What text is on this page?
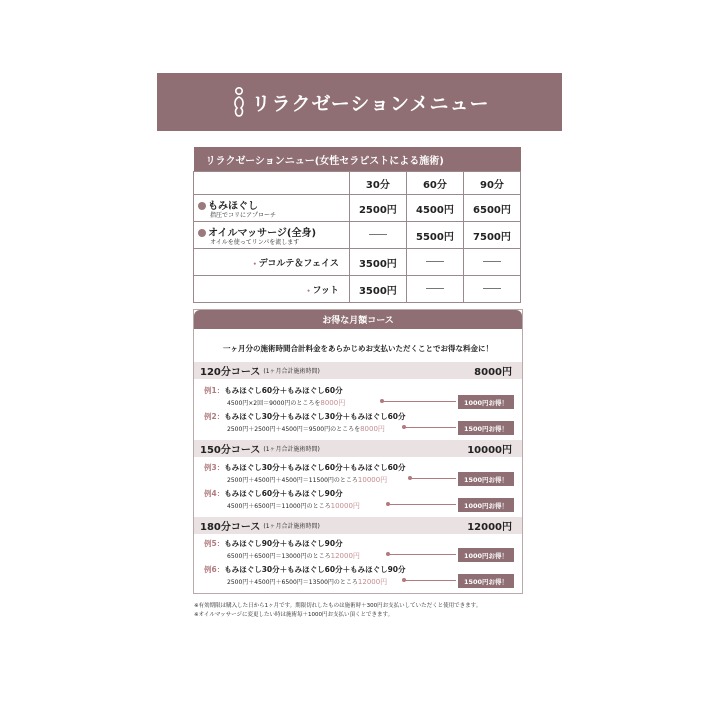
リラクゼーションメニュー
リラクゼーションニュー(女性セラピストによる施術)			
	30分	60分	90分
もみほぐし
指圧でコリにアプローチ	2500円	4500円	6500円
オイルマッサージ(全身)
オイルを使ってリンパを流します		5500円	7500円
• デコルテ＆フェイス	3500円		
• フット	3500円		
お得な月額コース
一ヶ月分の施術時間合計料金をあらかじめお支払いただくことでお得な料金に！
120分コース (1ヶ月合計施術時間)	8000円
例1：もみほぐし60分＋もみほぐし60分
4500円×2回＝9000円のところを8000円	1000円お得！
例2：もみほぐし30分＋もみほぐし30分＋もみほぐし60分
2500円＋2500円＋4500円＝9500円のところを8000円	1500円お得！
150分コース (1ヶ月合計施術時間)	10000円
例3：もみほぐし30分＋もみほぐし60分＋もみほぐし60分
2500円＋4500円＋4500円＝11500円のところ10000円	1500円お得！
例4：もみほぐし60分＋もみほぐし90分
4500円＋6500円＝11000円のところ10000円	1000円お得！
180分コース (1ヶ月合計施術時間)	12000円
例5：もみほぐし90分＋もみほぐし90分
6500円＋6500円＝13000円のところ12000円	1000円お得！
例6：もみほぐし30分＋もみほぐし60分＋もみほぐし90分
2500円＋4500円＋6500円＝13500円のところ12000円	1500円お得！
※有効期限は購入した日から1ヶ月です。期限切れしたものは施術時＋300円お支払いしていただくと使用できます。
※オイルマッサージに変更したい時は施術毎＋1000円お支払い頂くとできます。
